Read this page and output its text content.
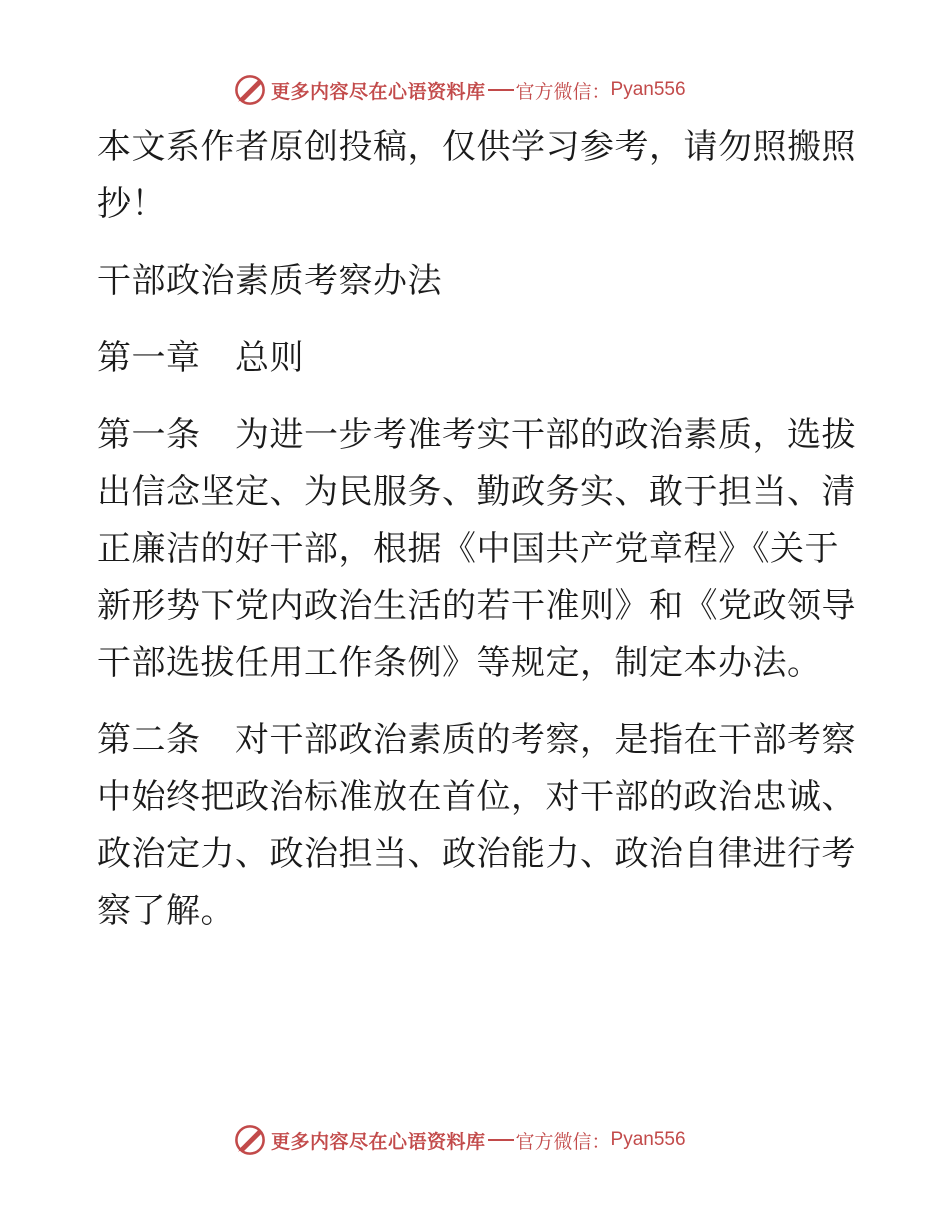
更多内容尽在心语资料库 官方微信： Pyan556

本文系作者原创投稿，仅供学习参考，请勿照搬照抄！

干部政治素质考察办法

第一章　总则

第一条　为进一步考准考实干部的政治素质，选拔出信念坚定、为民服务、勤政务实、敢于担当、清正廉洁的好干部，根据《中国共产党章程》《关于新形势下党内政治生活的若干准则》和《党政领导干部选拔任用工作条例》等规定，制定本办法。

第二条　对干部政治素质的考察，是指在干部考察中始终把政治标准放在首位，对干部的政治忠诚、政治定力、政治担当、政治能力、政治自律进行考察了解。

更多内容尽在心语资料库 官方微信： Pyan556
